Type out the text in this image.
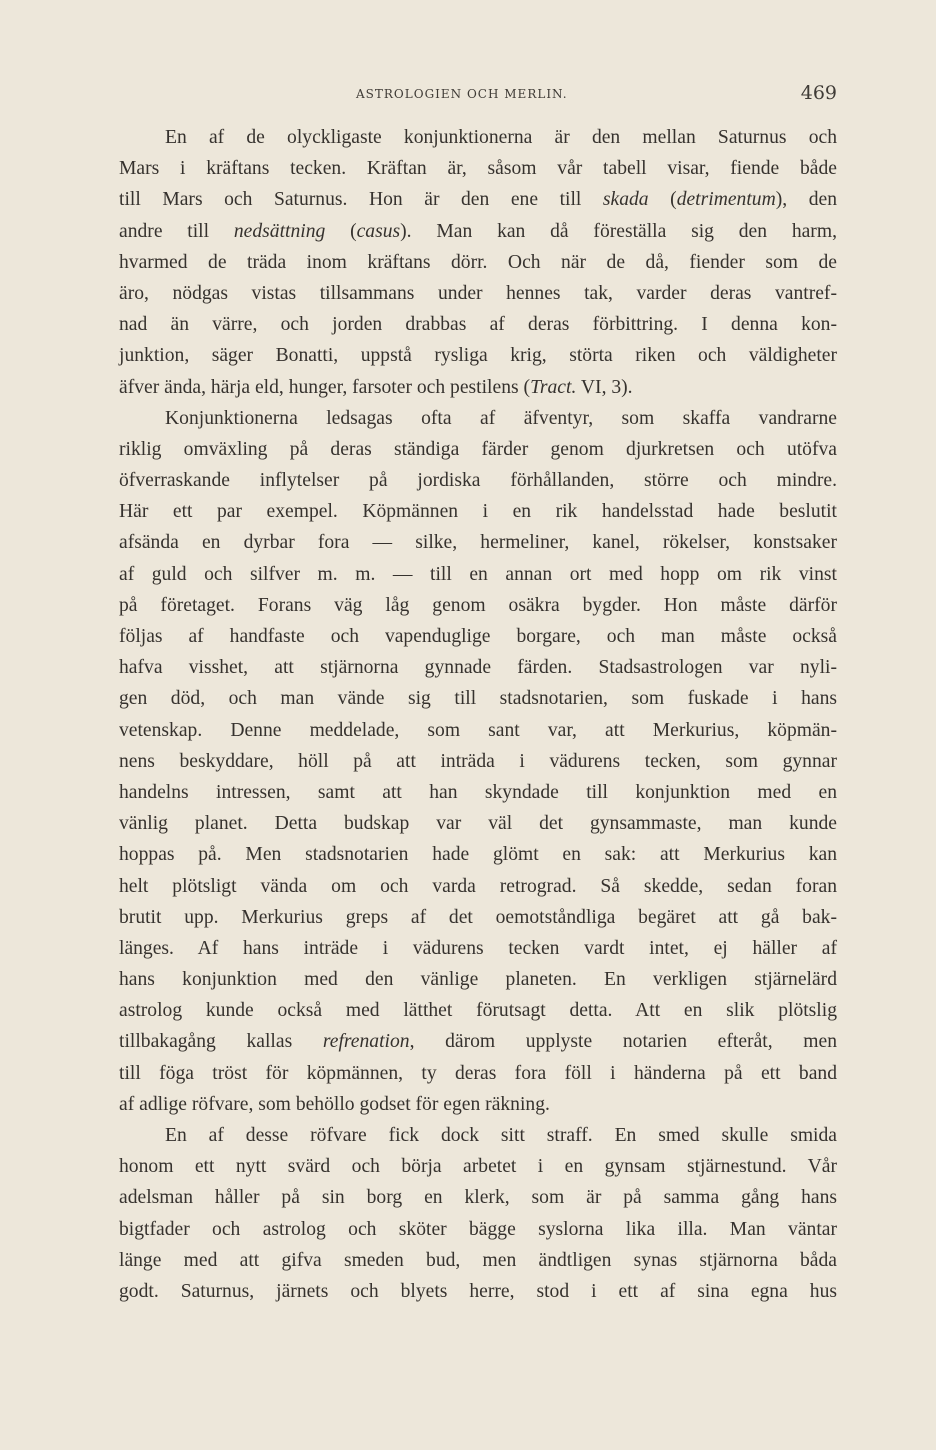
ASTROLOGIEN OCH MERLIN.	469
En af de olyckligaste konjunktionerna är den mellan Saturnus och
Mars i kräftans tecken. Kräftan är, såsom vår tabell visar, fiende både
till Mars och Saturnus. Hon är den ene till skada (detrimentum), den
andre till nedsättning (casus). Man kan då föreställa sig den harm,
hvarmed de träda inom kräftans dörr. Och när de då, fiender som de
äro, nödgas vistas tillsammans under hennes tak, varder deras vantref-
nad än värre, och jorden drabbas af deras förbittring. I denna kon-
junktion, säger Bonatti, uppstå rysliga krig, störta riken och väldigheter
äfver ända, härja eld, hunger, farsoter och pestilens (Tract. VI, 3).
Konjunktionerna ledsagas ofta af äfventyr, som skaffa vandrarne
riklig omväxling på deras ständiga färder genom djurkretsen och utöfva
öfverraskande inflytelser på jordiska förhållanden, större och mindre.
Här ett par exempel. Köpmännen i en rik handelsstad hade beslutit
afsända en dyrbar fora — silke, hermeliner, kanel, rökelser, konstsaker
af guld och silfver m. m. — till en annan ort med hopp om rik vinst
på företaget. Forans väg låg genom osäkra bygder. Hon måste därför
följas af handfaste och vapenduglige borgare, och man måste också
hafva visshet, att stjärnorna gynnade färden. Stadsastrologen var nyli-
gen död, och man vände sig till stadsnotarien, som fuskade i hans
vetenskap. Denne meddelade, som sant var, att Merkurius, köpmän-
nens beskyddare, höll på att inträda i vädurens tecken, som gynnar
handelns intressen, samt att han skyndade till konjunktion med en
vänlig planet. Detta budskap var väl det gynsammaste, man kunde
hoppas på. Men stadsnotarien hade glömt en sak: att Merkurius kan
helt plötsligt vända om och varda retrograd. Så skedde, sedan foran
brutit upp. Merkurius greps af det oemotståndliga begäret att gå bak-
länges. Af hans inträde i vädurens tecken vardt intet, ej häller af
hans konjunktion med den vänlige planeten. En verkligen stjärnelärd
astrolog kunde också med lätthet förutsagt detta. Att en slik plötslig
tillbakagång kallas refrenation, därom upplyste notarien efteråt, men
till föga tröst för köpmännen, ty deras fora föll i händerna på ett band
af adlige röfvare, som behöllo godset för egen räkning.
En af desse röfvare fick dock sitt straff. En smed skulle smida
honom ett nytt svärd och börja arbetet i en gynsam stjärnestund. Vår
adelsman håller på sin borg en klerk, som är på samma gång hans
bigtfader och astrolog och sköter bägge syslorna lika illa. Man väntar
länge med att gifva smeden bud, men ändtligen synas stjärnorna båda
godt. Saturnus, järnets och blyets herre, stod i ett af sina egna hus
